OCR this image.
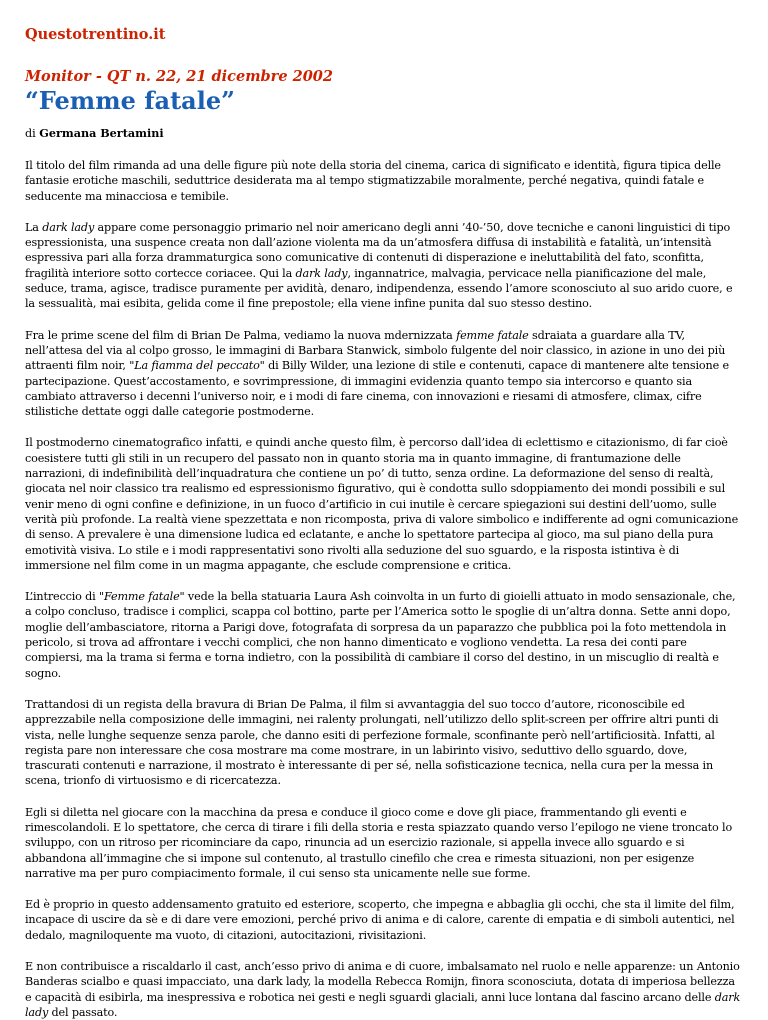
Questotrentino.it

Monitor - QT n. 22, 21 dicembre 2002

“Femme fatale”

di Germana Bertamini

Il titolo del film rimanda ad una delle figure più note della storia del cinema, carica di significato e identità, figura tipica delle fantasie erotiche maschili, seduttrice desiderata ma al tempo stigmatizzabile moralmente, perché negativa, quindi fatale e seducente ma minacciosa e temibile.

La dark lady appare come personaggio primario nel noir americano degli anni ’40-’50, dove tecniche e canoni linguistici di tipo espressionista, una suspence creata non dall’azione violenta ma da un’atmosfera diffusa di instabilità e fatalità, un’intensità espressiva pari alla forza drammaturgica sono comunicative di contenuti di disperazione e ineluttabilità del fato, sconfitta, fragilità interiore sotto cortecce coriacee. Qui la dark lady, ingannatrice, malvagia, pervicace nella pianificazione del male, seduce, trama, agisce, tradisce puramente per avidità, denaro, indipendenza, essendo l’amore sconosciuto al suo arido cuore, e la sessualità, mai esibita, gelida come il fine prepostole; ella viene infine punita dal suo stesso destino.

Fra le prime scene del film di Brian De Palma, vediamo la nuova mdernizzata femme fatale sdraiata a guardare alla TV, nell’attesa del via al colpo grosso, le immagini di Barbara Stanwick, simbolo fulgente del noir classico, in azione in uno dei più attraenti film noir, "La fiamma del peccato" di Billy Wilder, una lezione di stile e contenuti, capace di mantenere alte tensione e partecipazione. Quest’accostamento, e sovrimpressione, di immagini evidenzia quanto tempo sia intercorso e quanto sia cambiato attraverso i decenni l’universo noir, e i modi di fare cinema, con innovazioni e riesami di atmosfere, climax, cifre stilistiche dettate oggi dalle categorie postmoderne.

Il postmoderno cinematografico infatti, e quindi anche questo film, è percorso dall’idea di eclettismo e citazionismo, di far cioè coesistere tutti gli stili in un recupero del passato non in quanto storia ma in quanto immagine, di frantumazione delle narrazioni, di indefinibilità dell’inquadratura che contiene un po’ di tutto, senza ordine. La deformazione del senso di realtà, giocata nel noir classico tra realismo ed espressionismo figurativo, qui è condotta sullo sdoppiamento dei mondi possibili e sul venir meno di ogni confine e definizione, in un fuoco d’artificio in cui inutile è cercare spiegazioni sui destini dell’uomo, sulle verità più profonde. La realtà viene spezzettata e non ricomposta, priva di valore simbolico e indifferente ad ogni comunicazione di senso. A prevalere è una dimensione ludica ed eclatante, e anche lo spettatore partecipa al gioco, ma sul piano della pura emotività visiva. Lo stile e i modi rappresentativi sono rivolti alla seduzione del suo sguardo, e la risposta istintiva è di immersione nel film come in un magma appagante, che esclude comprensione e critica.

L’intreccio di "Femme fatale" vede la bella statuaria Laura Ash coinvolta in un furto di gioielli attuato in modo sensazionale, che, a colpo concluso, tradisce i complici, scappa col bottino, parte per l’America sotto le spoglie di un’altra donna. Sette anni dopo, moglie dell’ambasciatore, ritorna a Parigi dove, fotografata di sorpresa da un paparazzo che pubblica poi la foto mettendola in pericolo, si trova ad affrontare i vecchi complici, che non hanno dimenticato e vogliono vendetta. La resa dei conti pare compiersi, ma la trama si ferma e torna indietro, con la possibilità di cambiare il corso del destino, in un miscuglio di realtà e sogno.

Trattandosi di un regista della bravura di Brian De Palma, il film si avvantaggia del suo tocco d’autore, riconoscibile ed apprezzabile nella composizione delle immagini, nei ralenty prolungati, nell’utilizzo dello split-screen per offrire altri punti di vista, nelle lunghe sequenze senza parole, che danno esiti di perfezione formale, sconfinante però nell’artificiosità. Infatti, al regista pare non interessare che cosa mostrare ma come mostrare, in un labirinto visivo, seduttivo dello sguardo, dove, trascurati contenuti e narrazione, il mostrato è interessante di per sé, nella sofisticazione tecnica, nella cura per la messa in scena, trionfo di virtuosismo e di ricercatezza.

Egli si diletta nel giocare con la macchina da presa e conduce il gioco come e dove gli piace, frammentando gli eventi e rimescolandoli. E lo spettatore, che cerca di tirare i fili della storia e resta spiazzato quando verso l’epilogo ne viene troncato lo sviluppo, con un ritroso per ricominciare da capo, rinuncia ad un esercizio razionale, si appella invece allo sguardo e si abbandona all’immagine che si impone sul contenuto, al trastullo cinefilo che crea e rimesta situazioni, non per esigenze narrative ma per puro compiacimento formale, il cui senso sta unicamente nelle sue forme.

Ed è proprio in questo addensamento gratuito ed esteriore, scoperto, che impegna e abbaglia gli occhi, che sta il limite del film, incapace di uscire da sè e di dare vere emozioni, perché privo di anima e di calore, carente di empatia e di simboli autentici, nel dedalo, magniloquente ma vuoto, di citazioni, autocitazioni, rivisitazioni.

E non contribuisce a riscaldarlo il cast, anch’esso privo di anima e di cuore, imbalsamato nel ruolo e nelle apparenze: un Antonio Banderas scialbo e quasi impacciato, una dark lady, la modella Rebecca Romijn, finora sconosciuta, dotata di imperiosa bellezza e capacità di esibirla, ma inespressiva e robotica nei gesti e negli sguardi glaciali, anni luce lontana dal fascino arcano delle dark lady del passato.
